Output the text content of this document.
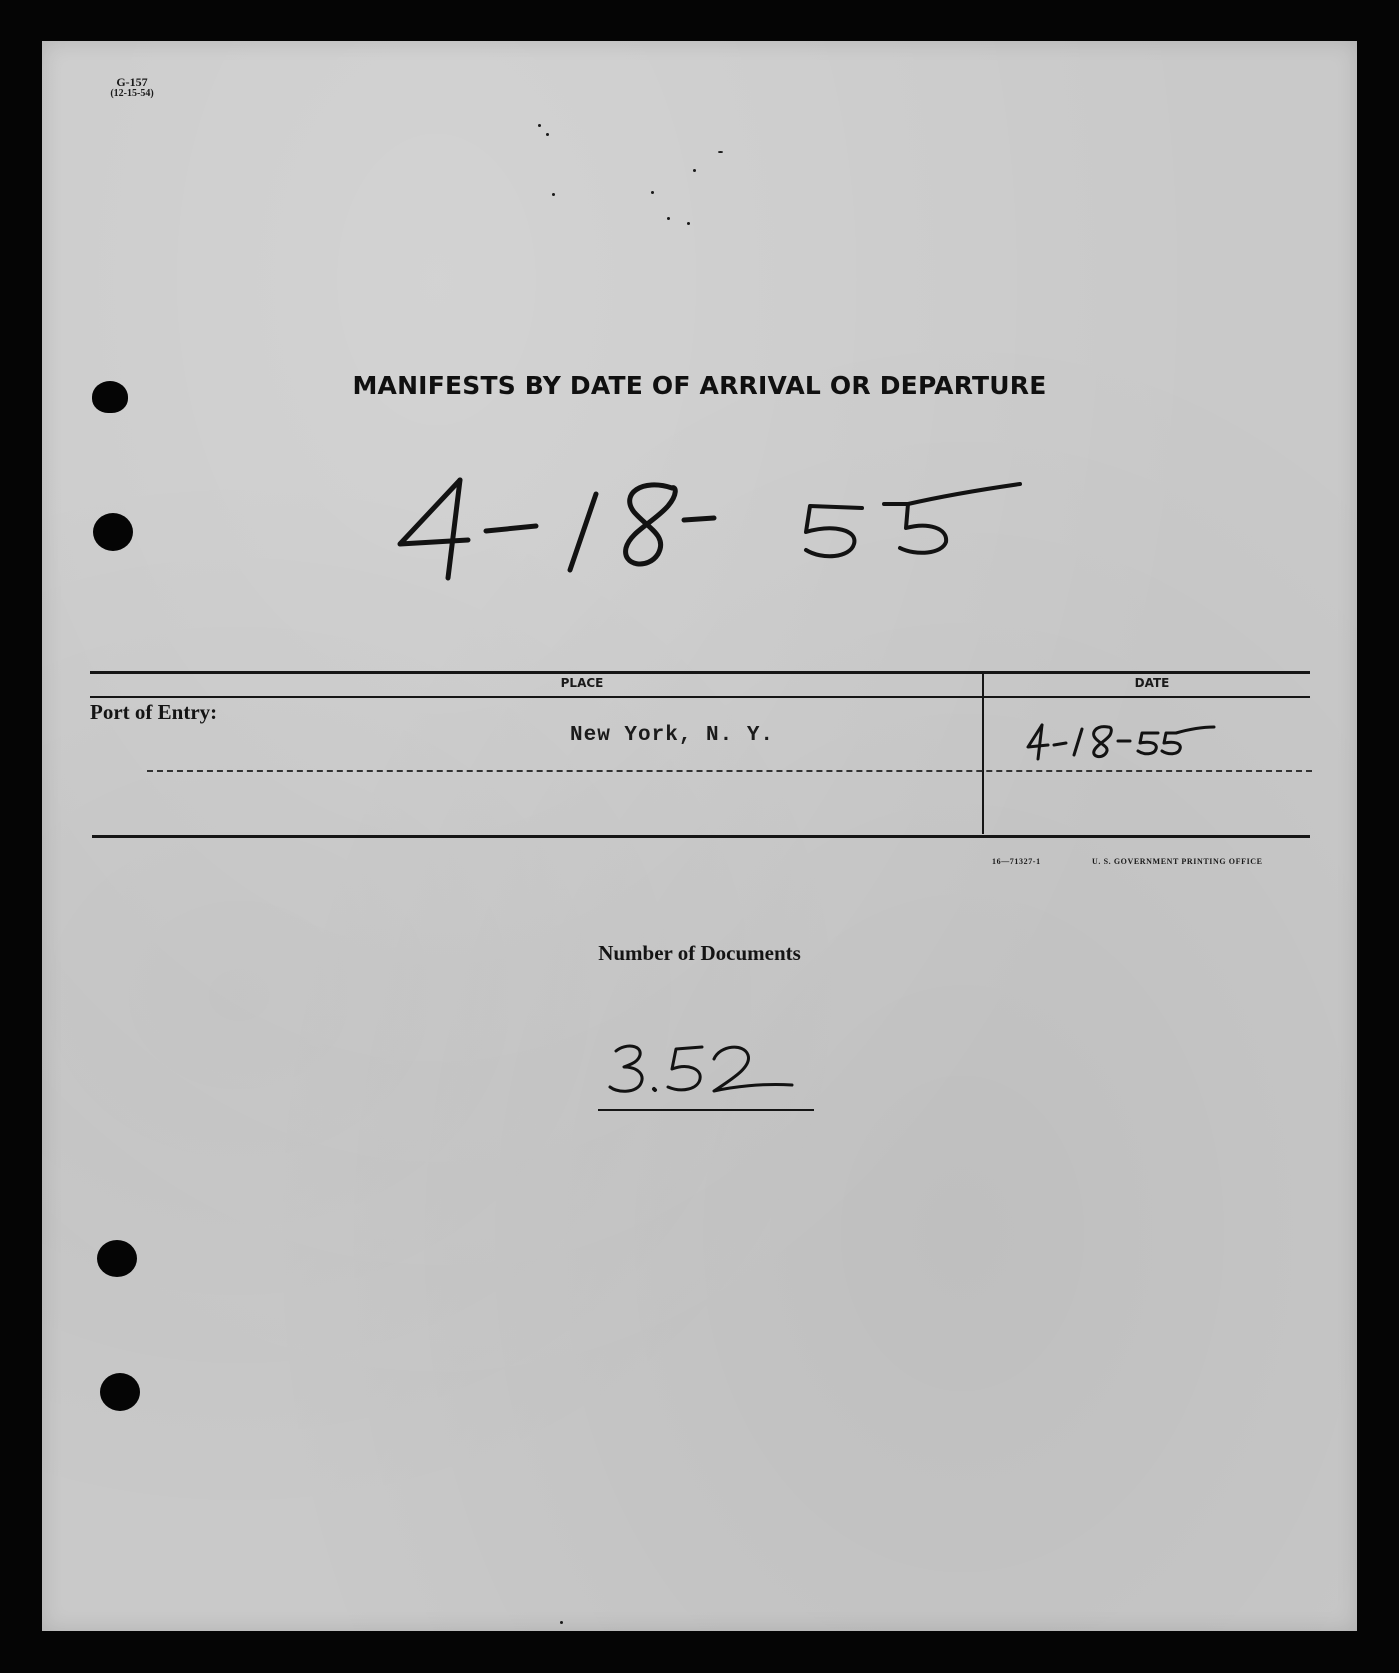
G-157
(12-15-54)
MANIFESTS BY DATE OF ARRIVAL OR DEPARTURE
PLACE	DATE
Port of Entry:
New York, N. Y.
16—71327-1	U. S. GOVERNMENT PRINTING OFFICE
Number of Documents
